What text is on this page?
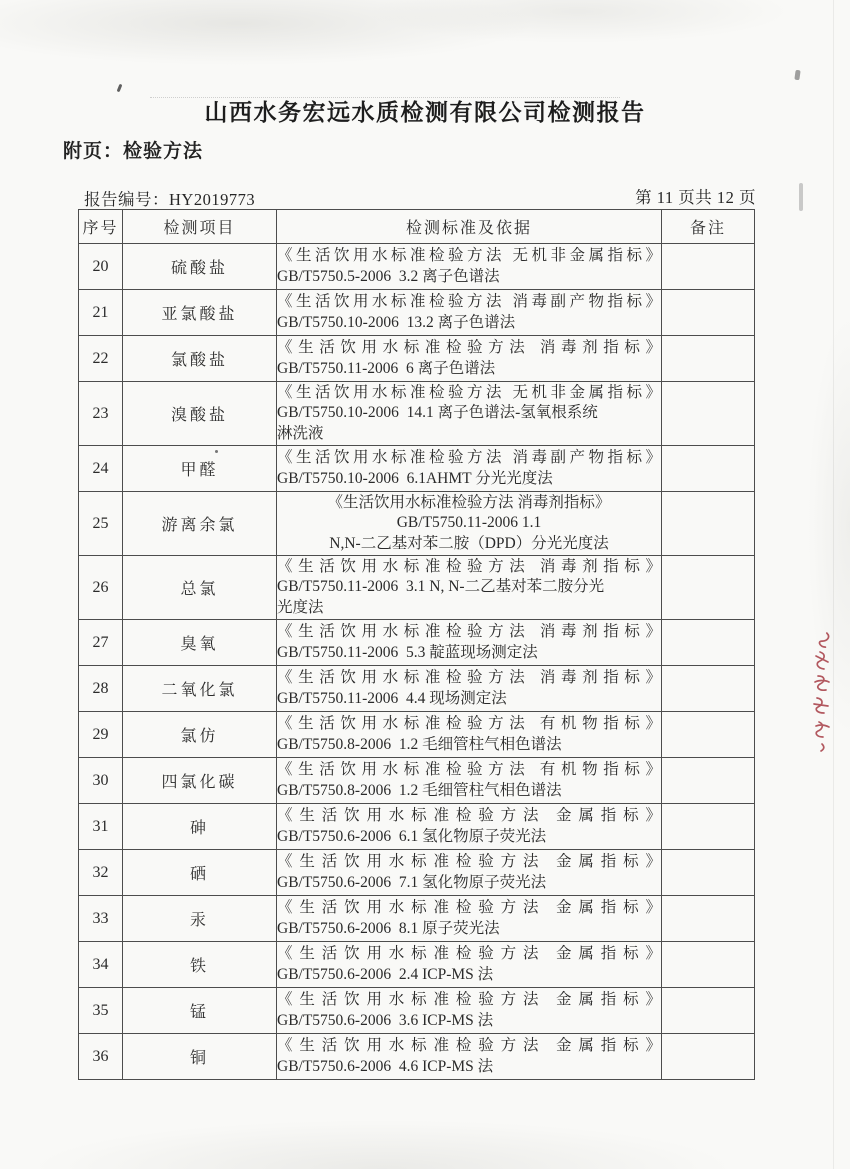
山西水务宏远水质检测有限公司检测报告
附页：检验方法
报告编号：HY2019773	第 11 页共 12 页
序号	检测项目	检测标准及依据	备注
20	硫酸盐	《生活饮用水标准检验方法 无机非金属指标》
GB/T5750.5-2006  3.2 离子色谱法	

21	亚氯酸盐	《生活饮用水标准检验方法 消毒副产物指标》
GB/T5750.10-2006  13.2 离子色谱法	

22	氯酸盐	《生活饮用水标准检验方法 消毒剂指标》
GB/T5750.11-2006  6 离子色谱法	

23	溴酸盐	《生活饮用水标准检验方法 无机非金属指标》
GB/T5750.10-2006  14.1 离子色谱法-氢氧根系统
淋洗液	

24	甲醛	《生活饮用水标准检验方法 消毒副产物指标》
GB/T5750.10-2006  6.1AHMT 分光光度法	

25	游离余氯	《生活饮用水标准检验方法 消毒剂指标》
GB/T5750.11-2006 1.1
N,N-二乙基对苯二胺（DPD）分光光度法	

26	总氯	《生活饮用水标准检验方法 消毒剂指标》
GB/T5750.11-2006  3.1 N, N-二乙基对苯二胺分光
光度法	

27	臭氧	《生活饮用水标准检验方法 消毒剂指标》
GB/T5750.11-2006  5.3 靛蓝现场测定法	

28	二氧化氯	《生活饮用水标准检验方法 消毒剂指标》
GB/T5750.11-2006  4.4 现场测定法	

29	氯仿	《生活饮用水标准检验方法 有机物指标》
GB/T5750.8-2006  1.2 毛细管柱气相色谱法	

30	四氯化碳	《生活饮用水标准检验方法 有机物指标》
GB/T5750.8-2006  1.2 毛细管柱气相色谱法	

31	砷	《生活饮用水标准检验方法 金属指标》
GB/T5750.6-2006  6.1 氢化物原子荧光法	

32	硒	《生活饮用水标准检验方法 金属指标》
GB/T5750.6-2006  7.1 氢化物原子荧光法	

33	汞	《生活饮用水标准检验方法 金属指标》
GB/T5750.6-2006  8.1 原子荧光法	

34	铁	《生活饮用水标准检验方法 金属指标》
GB/T5750.6-2006  2.4 ICP-MS 法	

35	锰	《生活饮用水标准检验方法 金属指标》
GB/T5750.6-2006  3.6 ICP-MS 法	

36	铜	《生活饮用水标准检验方法 金属指标》
GB/T5750.6-2006  4.6 ICP-MS 法	
